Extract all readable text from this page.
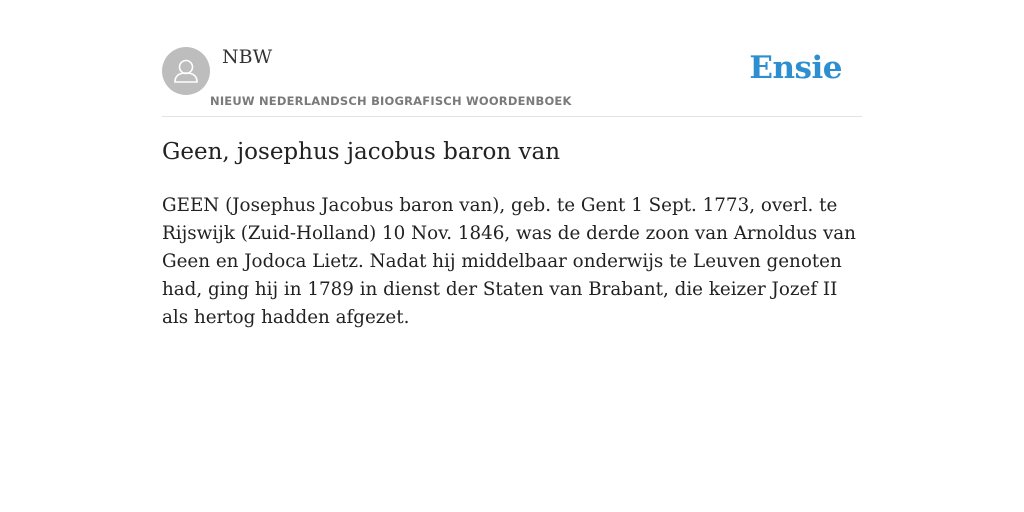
NBW
NIEUW NEDERLANDSCH BIOGRAFISCH WOORDENBOEK
Ensie
Geen, josephus jacobus baron van

GEEN (Josephus Jacobus baron van), geb. te Gent 1 Sept. 1773, overl. te Rijswijk (Zuid-Holland) 10 Nov. 1846, was de derde zoon van Arnoldus van Geen en Jodoca Lietz. Nadat hij middelbaar onderwijs te Leuven genoten had, ging hij in 1789 in dienst der Staten van Brabant, die keizer Jozef II als hertog hadden afgezet.
